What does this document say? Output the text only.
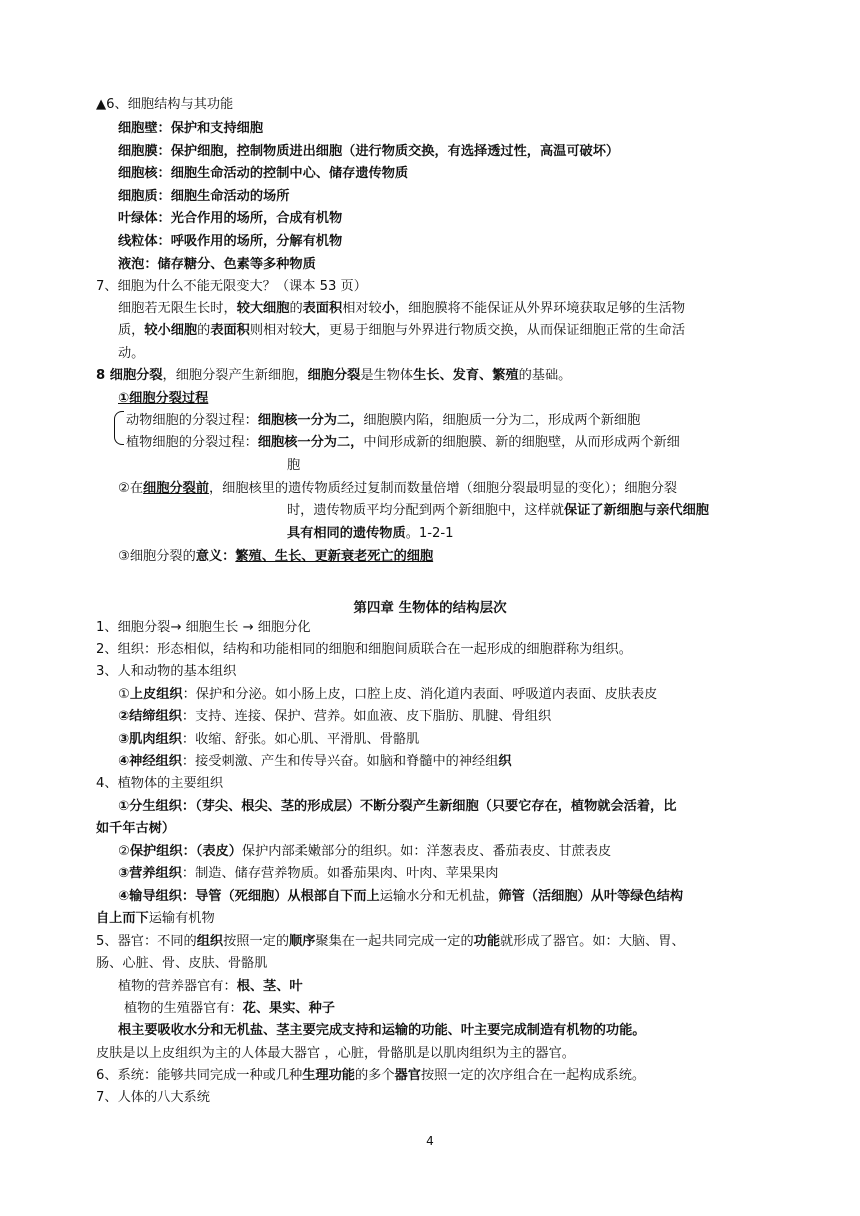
▲6、细胞结构与其功能
细胞壁：保护和支持细胞
细胞膜：保护细胞，控制物质进出细胞（进行物质交换，有选择透过性，高温可破坏）
细胞核：细胞生命活动的控制中心、储存遗传物质
细胞质：细胞生命活动的场所
叶绿体：光合作用的场所，合成有机物
线粒体：呼吸作用的场所，分解有机物
液泡：储存糖分、色素等多种物质
7、细胞为什么不能无限变大？（课本 53 页）
细胞若无限生长时，较大细胞的表面积相对较小，细胞膜将不能保证从外界环境获取足够的生活物
质，较小细胞的表面积则相对较大，更易于细胞与外界进行物质交换，从而保证细胞正常的生命活
动。
8 细胞分裂，细胞分裂产生新细胞，细胞分裂是生物体生长、发育、繁殖的基础。
①细胞分裂过程
动物细胞的分裂过程：细胞核一分为二，细胞膜内陷，细胞质一分为二，形成两个新细胞
植物细胞的分裂过程：细胞核一分为二，中间形成新的细胞膜、新的细胞壁，从而形成两个新细
胞
②在细胞分裂前，细胞核里的遗传物质经过复制而数量倍增（细胞分裂最明显的变化）；细胞分裂
时，遗传物质平均分配到两个新细胞中，这样就保证了新细胞与亲代细胞
具有相同的遗传物质。1-2-1
③细胞分裂的意义：繁殖、生长、更新衰老死亡的细胞
第四章 生物体的结构层次
1、细胞分裂→ 细胞生长 → 细胞分化
2、组织：形态相似，结构和功能相同的细胞和细胞间质联合在一起形成的细胞群称为组织。
3、人和动物的基本组织
①上皮组织：保护和分泌。如小肠上皮，口腔上皮、消化道内表面、呼吸道内表面、皮肤表皮
②结缔组织：支持、连接、保护、营养。如血液、皮下脂肪、肌腱、骨组织
③肌肉组织：收缩、舒张。如心肌、平滑肌、骨骼肌
④神经组织：接受刺激、产生和传导兴奋。如脑和脊髓中的神经组织
4、植物体的主要组织
①分生组织：（芽尖、根尖、茎的形成层）不断分裂产生新细胞（只要它存在，植物就会活着，比
如千年古树）
②保护组织：（表皮）保护内部柔嫩部分的组织。如：洋葱表皮、番茄表皮、甘蔗表皮
③营养组织：制造、储存营养物质。如番茄果肉、叶肉、苹果果肉
④输导组织：导管（死细胞）从根部自下而上运输水分和无机盐，筛管（活细胞）从叶等绿色结构
自上而下运输有机物
5、器官：不同的组织按照一定的顺序聚集在一起共同完成一定的功能就形成了器官。如：大脑、胃、
肠、心脏、骨、皮肤、骨骼肌
植物的营养器官有：根、茎、叶
植物的生殖器官有：花、果实、种子
根主要吸收水分和无机盐、茎主要完成支持和运输的功能、叶主要完成制造有机物的功能。
皮肤是以上皮组织为主的人体最大器官 ，心脏，骨骼肌是以肌肉组织为主的器官。
6、系统：能够共同完成一种或几种生理功能的多个器官按照一定的次序组合在一起构成系统。
7、人体的八大系统
4
